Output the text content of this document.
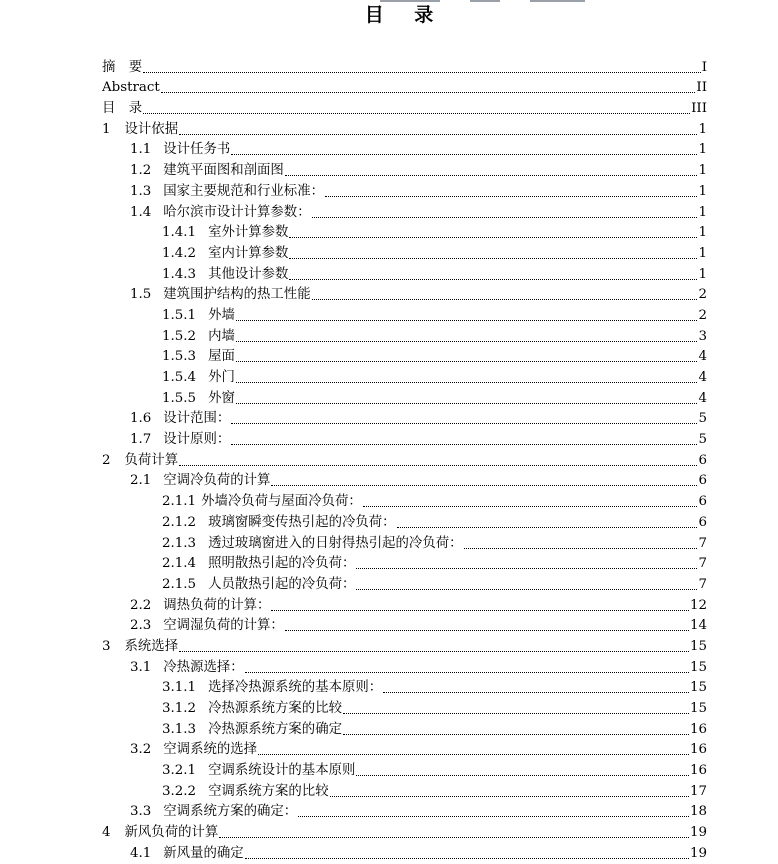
目 录
摘　要	I
Abstract	II
目　录	III
1 设计依据	1
1.1 设计任务书	1
1.2 建筑平面图和剖面图	1
1.3 国家主要规范和行业标准：	1
1.4 哈尔滨市设计计算参数：	1
1.4.1 室外计算参数	1
1.4.2 室内计算参数	1
1.4.3 其他设计参数	1
1.5 建筑围护结构的热工性能	2
1.5.1 外墙	2
1.5.2 内墙	3
1.5.3 屋面	4
1.5.4 外门	4
1.5.5 外窗	4
1.6 设计范围：	5
1.7 设计原则：	5
2 负荷计算	6
2.1 空调冷负荷的计算	6
2.1.1 外墙冷负荷与屋面冷负荷：	6
2.1.2 玻璃窗瞬变传热引起的冷负荷：	6
2.1.3 透过玻璃窗进入的日射得热引起的冷负荷：	7
2.1.4 照明散热引起的冷负荷：	7
2.1.5 人员散热引起的冷负荷：	7
2.2 调热负荷的计算：	12
2.3 空调湿负荷的计算：	14
3 系统选择	15
3.1 冷热源选择：	15
3.1.1 选择冷热源系统的基本原则：	15
3.1.2 冷热源系统方案的比较	15
3.1.3 冷热源系统方案的确定	16
3.2 空调系统的选择	16
3.2.1 空调系统设计的基本原则	16
3.2.2 空调系统方案的比较	17
3.3 空调系统方案的确定：	18
4 新风负荷的计算	19
4.1 新风量的确定	19
